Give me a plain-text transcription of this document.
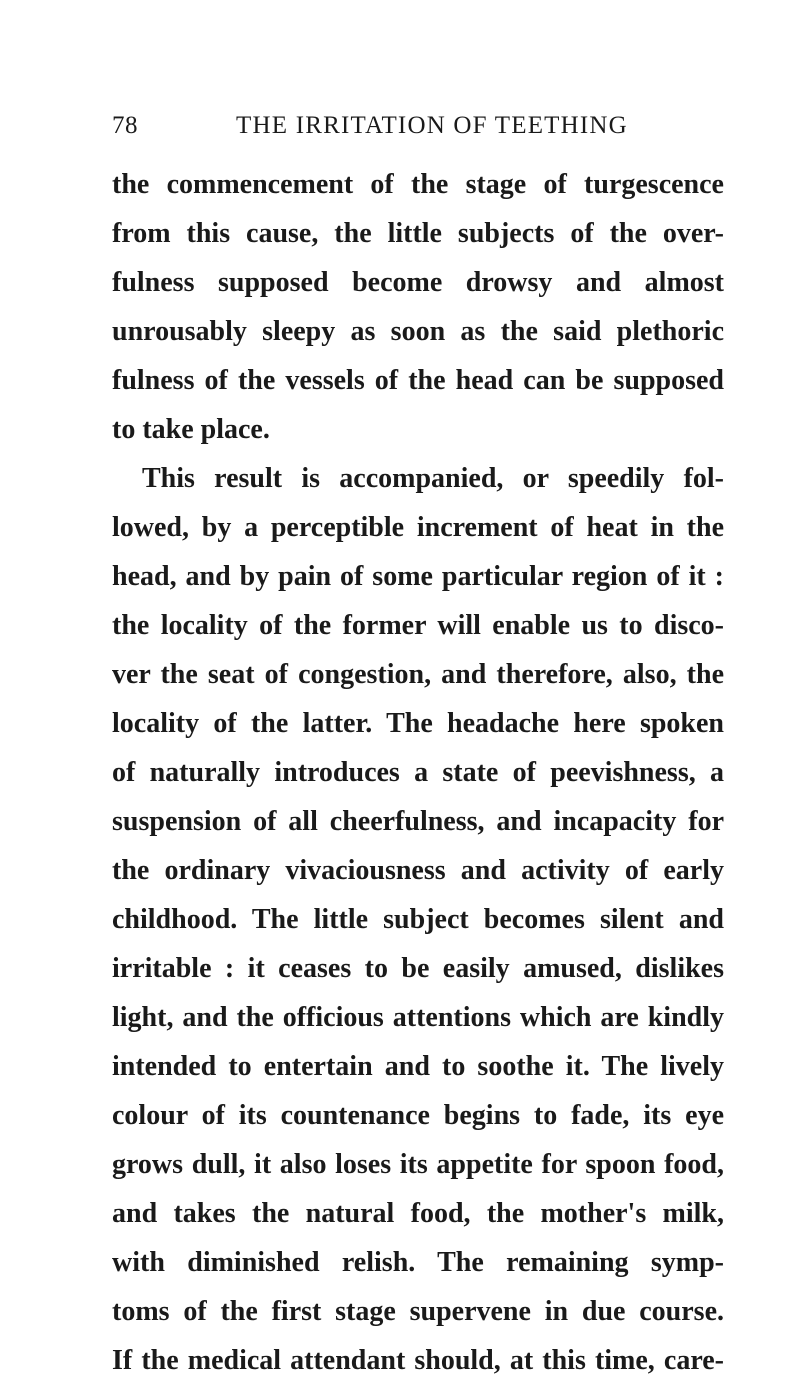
78	THE IRRITATION OF TEETHING
the commencement of the stage of turgescence
from this cause, the little subjects of the over-
fulness supposed become drowsy and almost
unrousably sleepy as soon as the said plethoric
fulness of the vessels of the head can be supposed
to take place.
This result is accompanied, or speedily fol-
lowed, by a perceptible increment of heat in the
head, and by pain of some particular region of it :
the locality of the former will enable us to disco-
ver the seat of congestion, and therefore, also, the
locality of the latter. The headache here spoken
of naturally introduces a state of peevishness, a
suspension of all cheerfulness, and incapacity for
the ordinary vivaciousness and activity of early
childhood. The little subject becomes silent and
irritable : it ceases to be easily amused, dislikes
light, and the officious attentions which are kindly
intended to entertain and to soothe it. The lively
colour of its countenance begins to fade, its eye
grows dull, it also loses its appetite for spoon food,
and takes the natural food, the mother's milk,
with diminished relish. The remaining symp-
toms of the first stage supervene in due course.
If the medical attendant should, at this time, care-
